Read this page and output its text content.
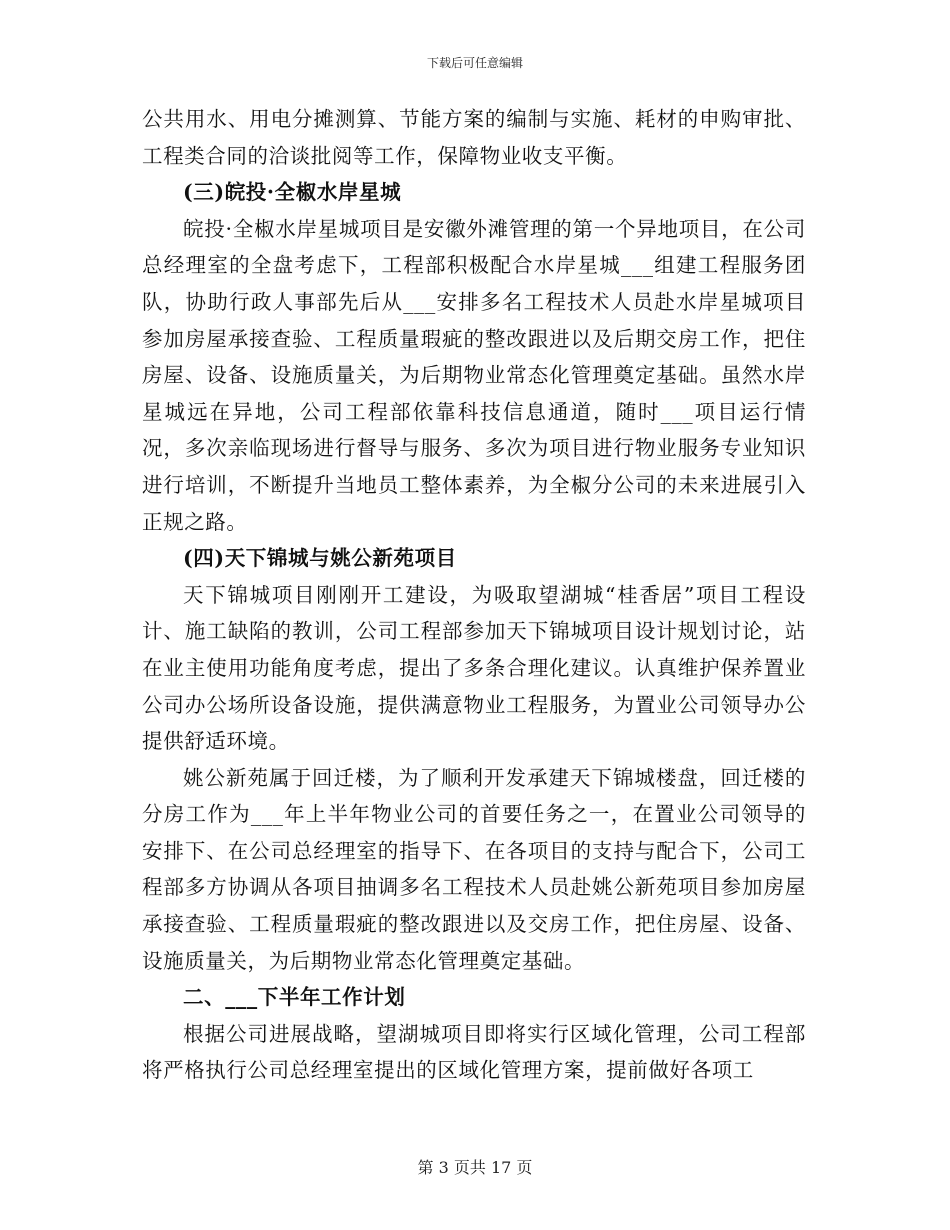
下载后可任意编辑

公共用水、用电分摊测算、节能方案的编制与实施、耗材的申购审批、工程类合同的洽谈批阅等工作，保障物业收支平衡。

(三)皖投·全椒水岸星城

皖投·全椒水岸星城项目是安徽外滩管理的第一个异地项目，在公司总经理室的全盘考虑下，工程部积极配合水岸星城___组建工程服务团队，协助行政人事部先后从___安排多名工程技术人员赴水岸星城项目参加房屋承接查验、工程质量瑕疵的整改跟进以及后期交房工作，把住房屋、设备、设施质量关，为后期物业常态化管理奠定基础。虽然水岸星城远在异地，公司工程部依靠科技信息通道，随时___项目运行情况，多次亲临现场进行督导与服务、多次为项目进行物业服务专业知识进行培训，不断提升当地员工整体素养，为全椒分公司的未来进展引入正规之路。

(四)天下锦城与姚公新苑项目

天下锦城项目刚刚开工建设，为吸取望湖城“桂香居”项目工程设计、施工缺陷的教训，公司工程部参加天下锦城项目设计规划讨论，站在业主使用功能角度考虑，提出了多条合理化建议。认真维护保养置业公司办公场所设备设施，提供满意物业工程服务，为置业公司领导办公提供舒适环境。

姚公新苑属于回迁楼，为了顺利开发承建天下锦城楼盘，回迁楼的分房工作为___年上半年物业公司的首要任务之一，在置业公司领导的安排下、在公司总经理室的指导下、在各项目的支持与配合下，公司工程部多方协调从各项目抽调多名工程技术人员赴姚公新苑项目参加房屋承接查验、工程质量瑕疵的整改跟进以及交房工作，把住房屋、设备、设施质量关，为后期物业常态化管理奠定基础。

二、___下半年工作计划

根据公司进展战略，望湖城项目即将实行区域化管理，公司工程部将严格执行公司总经理室提出的区域化管理方案，提前做好各项工

第 3 页共 17 页
